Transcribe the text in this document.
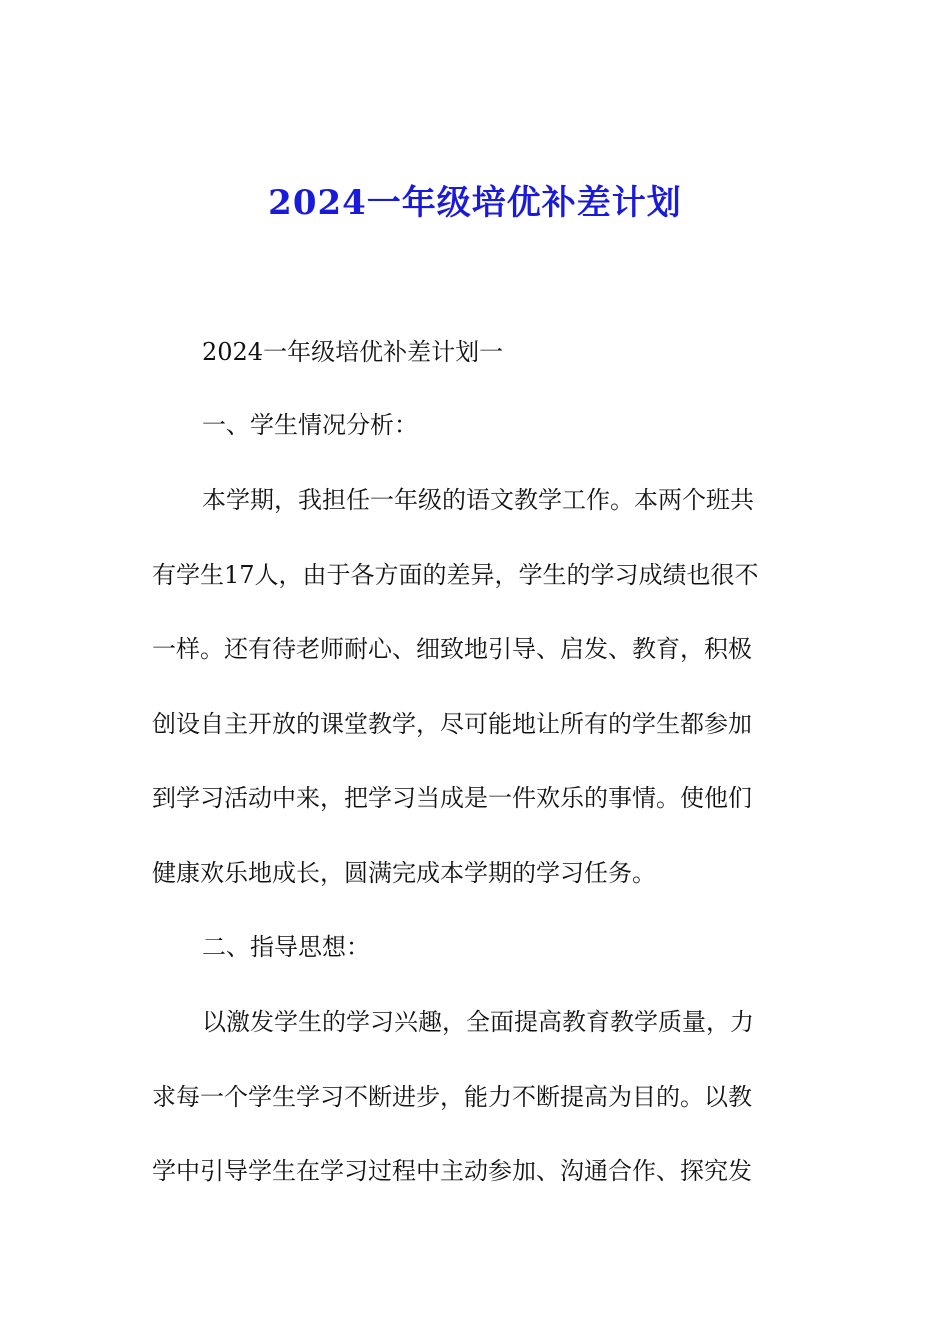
2024一年级培优补差计划
2024一年级培优补差计划一
一、学生情况分析：
本学期，我担任一年级的语文教学工作。本两个班共
有学生17人，由于各方面的差异，学生的学习成绩也很不
一样。还有待老师耐心、细致地引导、启发、教育，积极
创设自主开放的课堂教学，尽可能地让所有的学生都参加
到学习活动中来，把学习当成是一件欢乐的事情。使他们
健康欢乐地成长，圆满完成本学期的学习任务。
二、指导思想：
以激发学生的学习兴趣，全面提高教育教学质量，力
求每一个学生学习不断进步，能力不断提高为目的。以教
学中引导学生在学习过程中主动参加、沟通合作、探究发
